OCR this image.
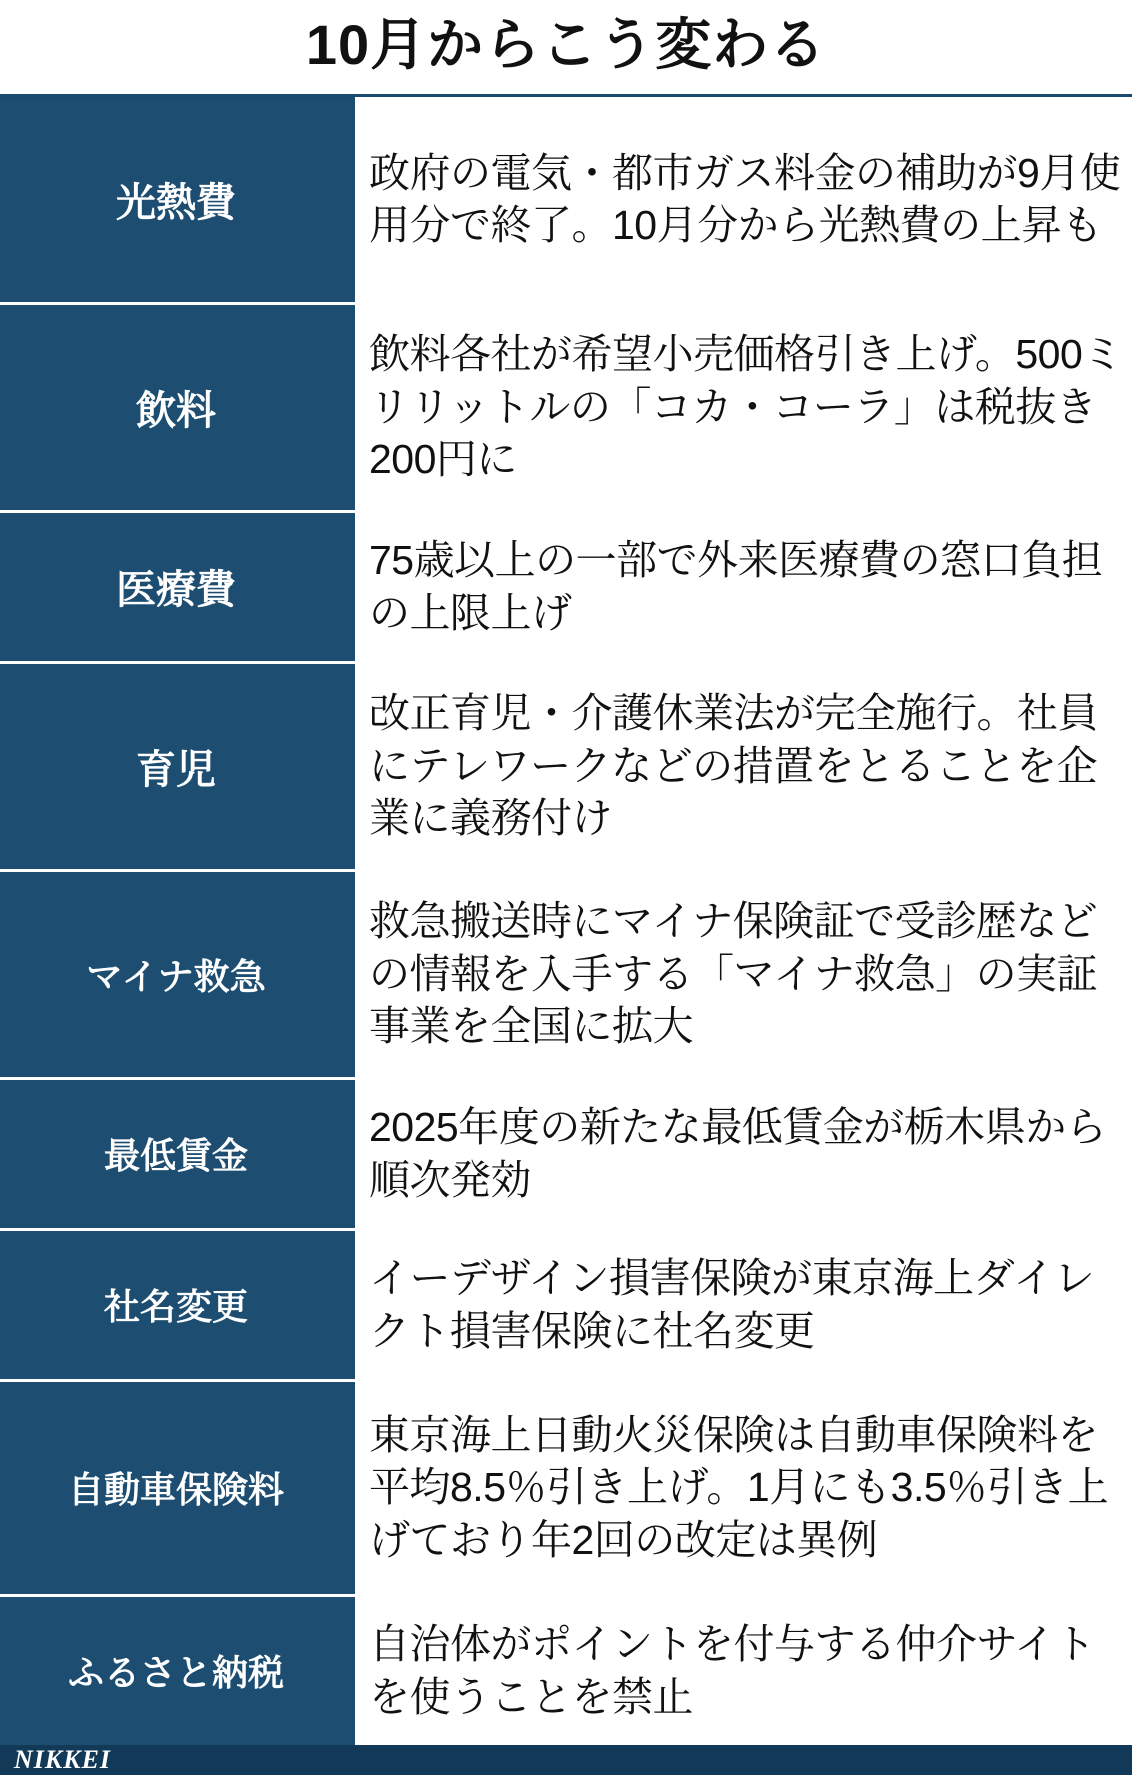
10月からこう変わる
光熱費
政府の電気・都市ガス料金の補助が9月使用分で終了。10月分から光熱費の上昇も
飲料
飲料各社が希望小売価格引き上げ。500ミリリットルの「コカ・コーラ」は税抜き200円に
医療費
75歳以上の一部で外来医療費の窓口負担の上限上げ
育児
改正育児・介護休業法が完全施行。社員にテレワークなどの措置をとることを企業に義務付け
マイナ救急
救急搬送時にマイナ保険証で受診歴などの情報を入手する「マイナ救急」の実証事業を全国に拡大
最低賃金
2025年度の新たな最低賃金が栃木県から順次発効
社名変更
イーデザイン損害保険が東京海上ダイレクト損害保険に社名変更
自動車保険料
東京海上日動火災保険は自動車保険料を平均8.5％引き上げ。1月にも3.5％引き上げており年2回の改定は異例
ふるさと納税
自治体がポイントを付与する仲介サイトを使うことを禁止
NIKKEI
